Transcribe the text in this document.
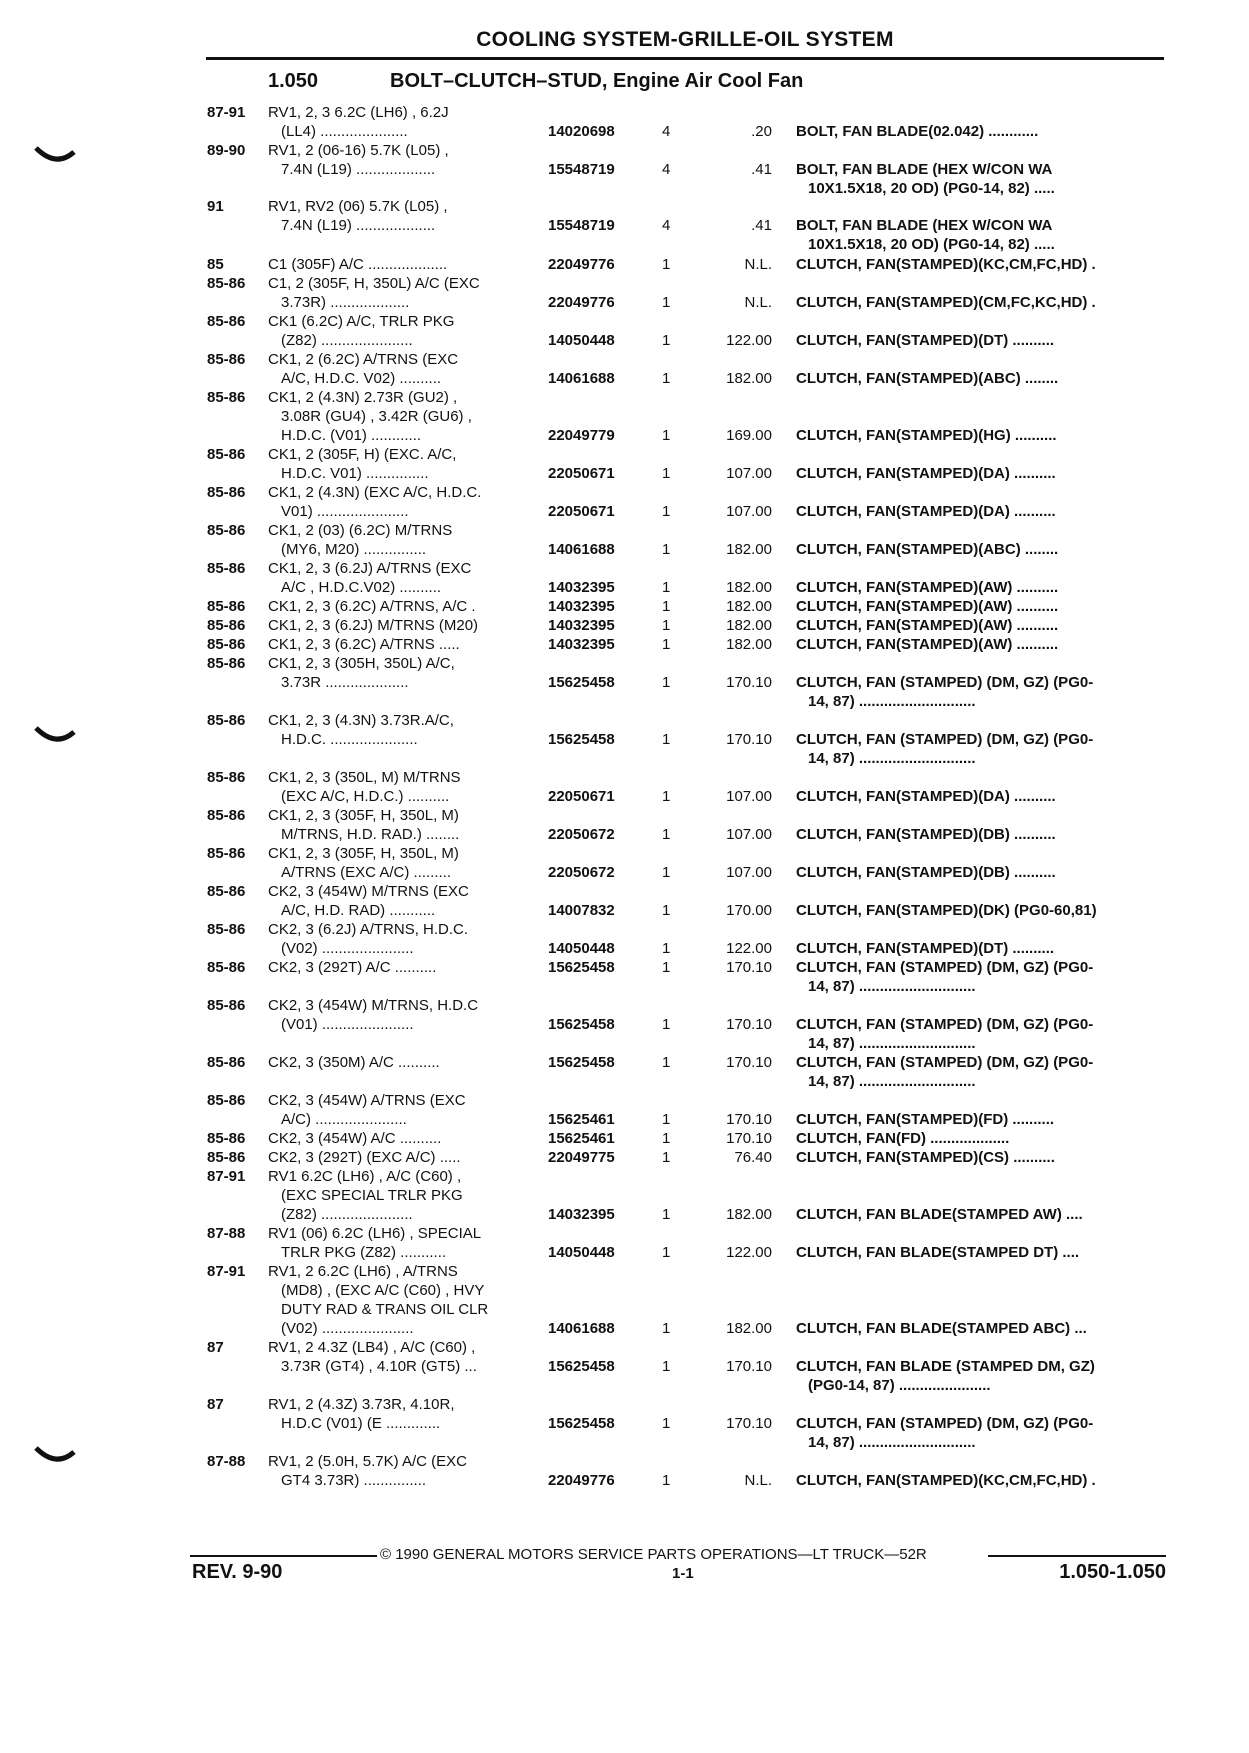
COOLING SYSTEM-GRILLE-OIL SYSTEM
1.050	BOLT–CLUTCH–STUD, Engine Air Cool Fan
87-91 RV1, 2, 3 6.2C (LH6) , 6.2J
(LL4) .....................	14020698	4	.20 BOLT, FAN BLADE(02.042) ............
89-90 RV1, 2 (06-16) 5.7K (L05) ,
7.4N (L19) ...................	15548719	4	.41 BOLT, FAN BLADE (HEX W/CON WA
10X1.5X18, 20 OD) (PG0-14, 82) .....
91	RV1, RV2 (06) 5.7K (L05) ,
7.4N (L19) ...................	15548719	4	.41 BOLT, FAN BLADE (HEX W/CON WA
10X1.5X18, 20 OD) (PG0-14, 82) .....
85	C1 (305F) A/C ...................	22049776	1	N.L. CLUTCH, FAN(STAMPED)(KC,CM,FC,HD) .
85-86 C1, 2 (305F, H, 350L) A/C (EXC
3.73R) ...................	22049776	1	N.L. CLUTCH, FAN(STAMPED)(CM,FC,KC,HD) .
85-86 CK1 (6.2C) A/C, TRLR PKG
(Z82) ......................	14050448	1	122.00 CLUTCH, FAN(STAMPED)(DT) ..........
85-86 CK1, 2 (6.2C) A/TRNS (EXC
A/C, H.D.C. V02) ..........	14061688	1	182.00 CLUTCH, FAN(STAMPED)(ABC) ........
85-86 CK1, 2 (4.3N) 2.73R (GU2) ,
3.08R (GU4) , 3.42R (GU6) ,
H.D.C. (V01) ............	22049779	1	169.00 CLUTCH, FAN(STAMPED)(HG) ..........
85-86 CK1, 2 (305F, H) (EXC. A/C,
H.D.C. V01) ...............	22050671	1	107.00 CLUTCH, FAN(STAMPED)(DA) ..........
85-86 CK1, 2 (4.3N) (EXC A/C, H.D.C.
V01) ......................	22050671	1	107.00 CLUTCH, FAN(STAMPED)(DA) ..........
85-86 CK1, 2 (03) (6.2C) M/TRNS
(MY6, M20) ...............	14061688	1	182.00 CLUTCH, FAN(STAMPED)(ABC) ........
85-86 CK1, 2, 3 (6.2J) A/TRNS (EXC
A/C , H.D.C.V02) ..........	14032395	1	182.00 CLUTCH, FAN(STAMPED)(AW) ..........
85-86 CK1, 2, 3 (6.2C) A/TRNS, A/C .	14032395	1	182.00 CLUTCH, FAN(STAMPED)(AW) ..........
85-86 CK1, 2, 3 (6.2J) M/TRNS (M20)	14032395	1	182.00 CLUTCH, FAN(STAMPED)(AW) ..........
85-86 CK1, 2, 3 (6.2C) A/TRNS .....	14032395	1	182.00 CLUTCH, FAN(STAMPED)(AW) ..........
85-86 CK1, 2, 3 (305H, 350L) A/C,
3.73R ....................	15625458	1	170.10 CLUTCH, FAN (STAMPED) (DM, GZ) (PG0-
14, 87) ............................
85-86 CK1, 2, 3 (4.3N) 3.73R.A/C,
H.D.C. .....................	15625458	1	170.10 CLUTCH, FAN (STAMPED) (DM, GZ) (PG0-
14, 87) ............................
85-86 CK1, 2, 3 (350L, M) M/TRNS
(EXC A/C, H.D.C.) ..........	22050671	1	107.00 CLUTCH, FAN(STAMPED)(DA) ..........
85-86 CK1, 2, 3 (305F, H, 350L, M)
M/TRNS, H.D. RAD.) ........	22050672	1	107.00 CLUTCH, FAN(STAMPED)(DB) ..........
85-86 CK1, 2, 3 (305F, H, 350L, M)
A/TRNS (EXC A/C) .........	22050672	1	107.00 CLUTCH, FAN(STAMPED)(DB) ..........
85-86 CK2, 3 (454W) M/TRNS (EXC
A/C, H.D. RAD) ...........	14007832	1	170.00 CLUTCH, FAN(STAMPED)(DK) (PG0-60,81)
85-86 CK2, 3 (6.2J) A/TRNS, H.D.C.
(V02) ......................	14050448	1	122.00 CLUTCH, FAN(STAMPED)(DT) ..........
85-86 CK2, 3 (292T) A/C ..........	15625458	1	170.10 CLUTCH, FAN (STAMPED) (DM, GZ) (PG0-
14, 87) ............................
85-86 CK2, 3 (454W) M/TRNS, H.D.C
(V01) ......................	15625458	1	170.10 CLUTCH, FAN (STAMPED) (DM, GZ) (PG0-
14, 87) ............................
85-86 CK2, 3 (350M) A/C ..........	15625458	1	170.10 CLUTCH, FAN (STAMPED) (DM, GZ) (PG0-
14, 87) ............................
85-86 CK2, 3 (454W) A/TRNS (EXC
A/C) ......................	15625461	1	170.10 CLUTCH, FAN(STAMPED)(FD) ..........
85-86 CK2, 3 (454W) A/C ..........	15625461	1	170.10 CLUTCH, FAN(FD) ...................
85-86 CK2, 3 (292T) (EXC A/C) .....	22049775	1	76.40 CLUTCH, FAN(STAMPED)(CS) ..........
87-91 RV1 6.2C (LH6) , A/C (C60) ,
(EXC SPECIAL TRLR PKG
(Z82) ......................	14032395	1	182.00 CLUTCH, FAN BLADE(STAMPED AW) ....
87-88 RV1 (06) 6.2C (LH6) , SPECIAL
TRLR PKG (Z82) ...........	14050448	1	122.00 CLUTCH, FAN BLADE(STAMPED DT) ....
87-91 RV1, 2 6.2C (LH6) , A/TRNS
(MD8) , (EXC A/C (C60) , HVY
DUTY RAD & TRANS OIL CLR
(V02) ......................	14061688	1	182.00 CLUTCH, FAN BLADE(STAMPED ABC) ...
87	RV1, 2 4.3Z (LB4) , A/C (C60) ,
3.73R (GT4) , 4.10R (GT5) ...	15625458	1	170.10 CLUTCH, FAN BLADE (STAMPED DM, GZ)
(PG0-14, 87) ......................
87	RV1, 2 (4.3Z) 3.73R, 4.10R,
H.D.C (V01) (E .............	15625458	1	170.10 CLUTCH, FAN (STAMPED) (DM, GZ) (PG0-
14, 87) ............................
87-88 RV1, 2 (5.0H, 5.7K) A/C (EXC
GT4 3.73R) ...............	22049776	1	N.L. CLUTCH, FAN(STAMPED)(KC,CM,FC,HD) .
© 1990 GENERAL MOTORS SERVICE PARTS OPERATIONS—LT TRUCK—52R
REV. 9-90	1-1	1.050-1.050
